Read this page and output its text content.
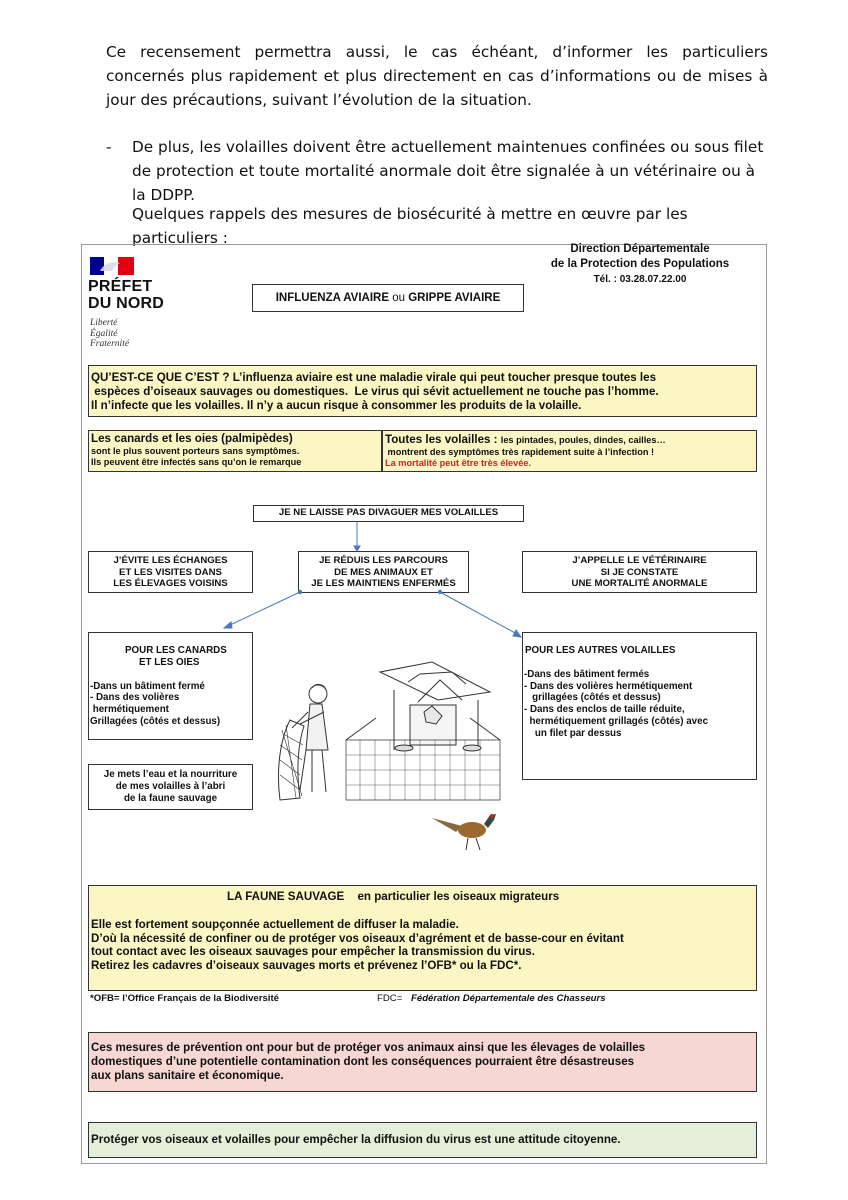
Ce recensement permettra aussi, le cas échéant, d’informer les particuliers concernés plus rapidement et plus directement en cas d’informations ou de mises à jour des précautions, suivant l’évolution de la situation.
- De plus, les volailles doivent être actuellement maintenues confinées ou sous filet de protection et toute mortalité anormale doit être signalée à un vétérinaire ou à la DDPP.
Quelques rappels des mesures de biosécurité à mettre en œuvre par les particuliers :
PRÉFET
DU NORD
Liberté
Égalité
Fraternité
Direction Départementale
de la Protection des Populations
Tél. : 03.28.07.22.00
INFLUENZA AVIAIRE ou GRIPPE AVIAIRE
QU’EST-CE QUE C’EST ? L’influenza aviaire est une maladie virale qui peut toucher presque toutes les
espèces d’oiseaux sauvages ou domestiques.  Le virus qui sévit actuellement ne touche pas l’homme.
Il n’infecte que les volailles. Il n’y a aucun risque à consommer les produits de la volaille.
Les canards et les oies (palmipèdes)
sont le plus souvent porteurs sans symptômes.
Ils peuvent être infectés sans qu’on le remarque
Toutes les volailles : les pintades, poules, dindes, cailles…
montrent des symptômes très rapidement suite à l’infection !
La mortalité peut être très élevée.
JE NE LAISSE PAS DIVAGUER MES VOLAILLES
J’ÉVITE LES ÉCHANGES
ET LES VISITES DANS
LES ÉLEVAGES VOISINS
JE RÉDUIS LES PARCOURS
DE MES ANIMAUX ET
JE LES MAINTIENS ENFERMÉS
J’APPELLE LE VÉTÉRINAIRE
SI JE CONSTATE
UNE MORTALITÉ ANORMALE
POUR LES CANARDS
ET LES OIES
-Dans un bâtiment fermé
- Dans des volières
hermétiquement
Grillagées (côtés et dessus)
POUR LES AUTRES VOLAILLES
-Dans des bâtiment fermés
- Dans des volières hermétiquement
grillagées (côtés et dessus)
- Dans des enclos de taille réduite,
hermétiquement grillagés (côtés) avec
un filet par dessus
Je mets l’eau et la nourriture
de mes volailles à l’abri
de la faune sauvage
LA FAUNE SAUVAGE en particulier les oiseaux migrateurs
Elle est fortement soupçonnée actuellement de diffuser la maladie.
D’où la nécessité de confiner ou de protéger vos oiseaux d’agrément et de basse-cour en évitant
tout contact avec les oiseaux sauvages pour empêcher la transmission du virus.
Retirez les cadavres d’oiseaux sauvages morts et prévenez l’OFB* ou la FDC*.
*OFB= l’Office Français de la Biodiversité	FDC= Fédération Départementale des Chasseurs
Ces mesures de prévention ont pour but de protéger vos animaux ainsi que les élevages de volailles
domestiques d’une potentielle contamination dont les conséquences pourraient être désastreuses
aux plans sanitaire et économique.
Protéger vos oiseaux et volailles pour empêcher la diffusion du virus est une attitude citoyenne.
